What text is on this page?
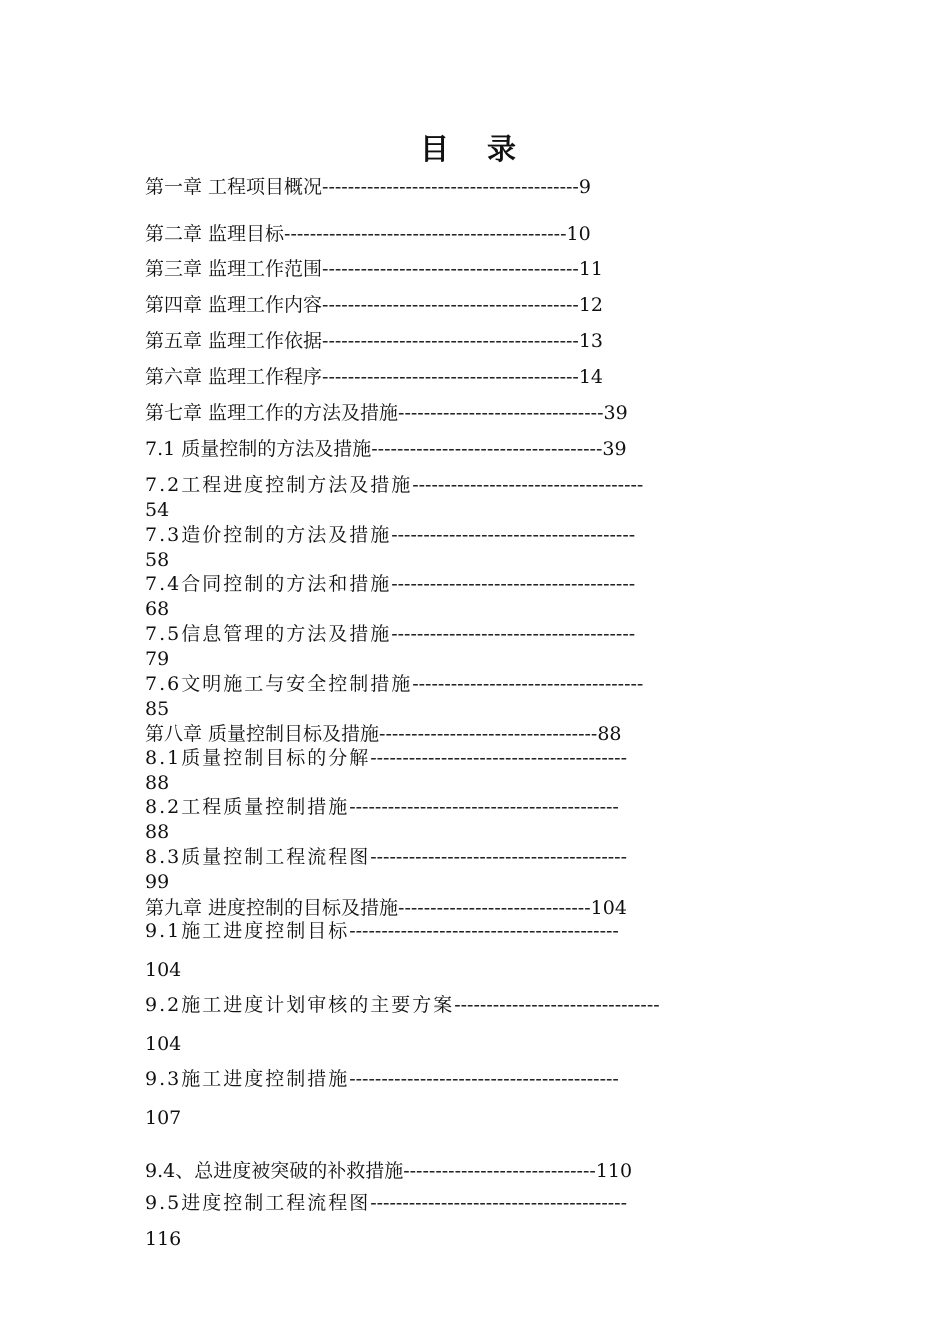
目 录
第一章 工程项目概况----------------------------------------9
第二章 监理目标--------------------------------------------10
第三章 监理工作范围----------------------------------------11
第四章 监理工作内容----------------------------------------12
第五章 监理工作依据----------------------------------------13
第六章 监理工作程序----------------------------------------14
第七章 监理工作的方法及措施--------------------------------39
7.1 质量控制的方法及措施------------------------------------39
7.2工程进度控制方法及措施------------------------------------
54
7.3造价控制的方法及措施--------------------------------------
58
7.4合同控制的方法和措施--------------------------------------
68
7.5信息管理的方法及措施--------------------------------------
79
7.6文明施工与安全控制措施------------------------------------
85
第八章 质量控制目标及措施----------------------------------88
8.1质量控制目标的分解----------------------------------------
88
8.2工程质量控制措施------------------------------------------
88
8.3质量控制工程流程图----------------------------------------
99
第九章 进度控制的目标及措施------------------------------104
9.1施工进度控制目标------------------------------------------
104
9.2施工进度计划审核的主要方案--------------------------------
104
9.3施工进度控制措施------------------------------------------
107
9.4、总进度被突破的补救措施------------------------------110
9.5进度控制工程流程图----------------------------------------
116
